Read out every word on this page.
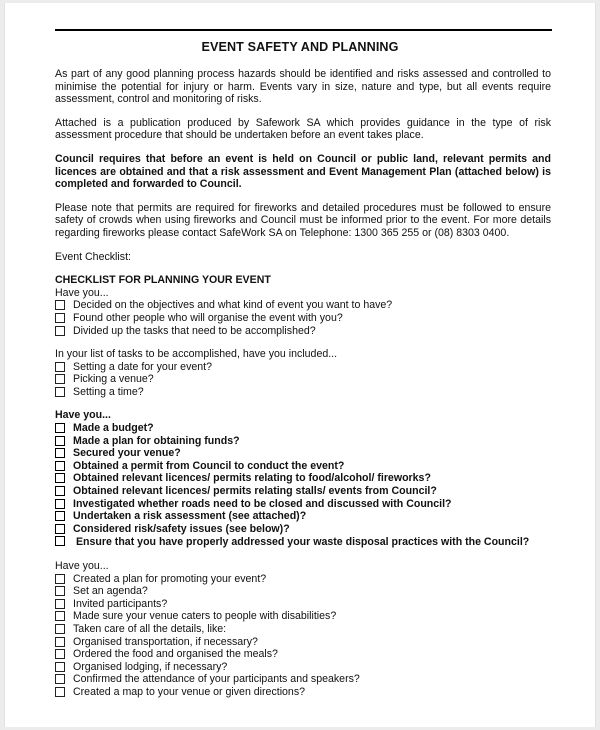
EVENT SAFETY AND PLANNING

As part of any good planning process hazards should be identified and risks assessed and controlled to minimise the potential for injury or harm. Events vary in size, nature and type, but all events require assessment, control and monitoring of risks.

Attached is a publication produced by Safework SA which provides guidance in the type of risk assessment procedure that should be undertaken before an event takes place.

Council requires that before an event is held on Council or public land, relevant permits and licences are obtained and that a risk assessment and Event Management Plan (attached below) is completed and forwarded to Council.

Please note that permits are required for fireworks and detailed procedures must be followed to ensure safety of crowds when using fireworks and Council must be informed prior to the event. For more details regarding fireworks please contact SafeWork SA on Telephone: 1300 365 255 or (08) 8303 0400.

Event Checklist:

CHECKLIST FOR PLANNING YOUR EVENT

Have you...

Decided on the objectives and what kind of event you want to have?
Found other people who will organise the event with you?
Divided up the tasks that need to be accomplished?

In your list of tasks to be accomplished, have you included...

Setting a date for your event?
Picking a venue?
Setting a time?

Have you...

Made a budget?
Made a plan for obtaining funds?
Secured your venue?
Obtained a permit from Council to conduct the event?
Obtained relevant licences/ permits relating to food/alcohol/ fireworks?
Obtained relevant licences/ permits relating stalls/ events from Council?
Investigated whether roads need to be closed and discussed with Council?
Undertaken a risk assessment (see attached)?
Considered risk/safety issues (see below)?
Ensure that you have properly addressed your waste disposal practices with the Council?

Have you...

Created a plan for promoting your event?
Set an agenda?
Invited participants?
Made sure your venue caters to people with disabilities?
Taken care of all the details, like:
Organised transportation, if necessary?
Ordered the food and organised the meals?
Organised lodging, if necessary?
Confirmed the attendance of your participants and speakers?
Created a map to your venue or given directions?
